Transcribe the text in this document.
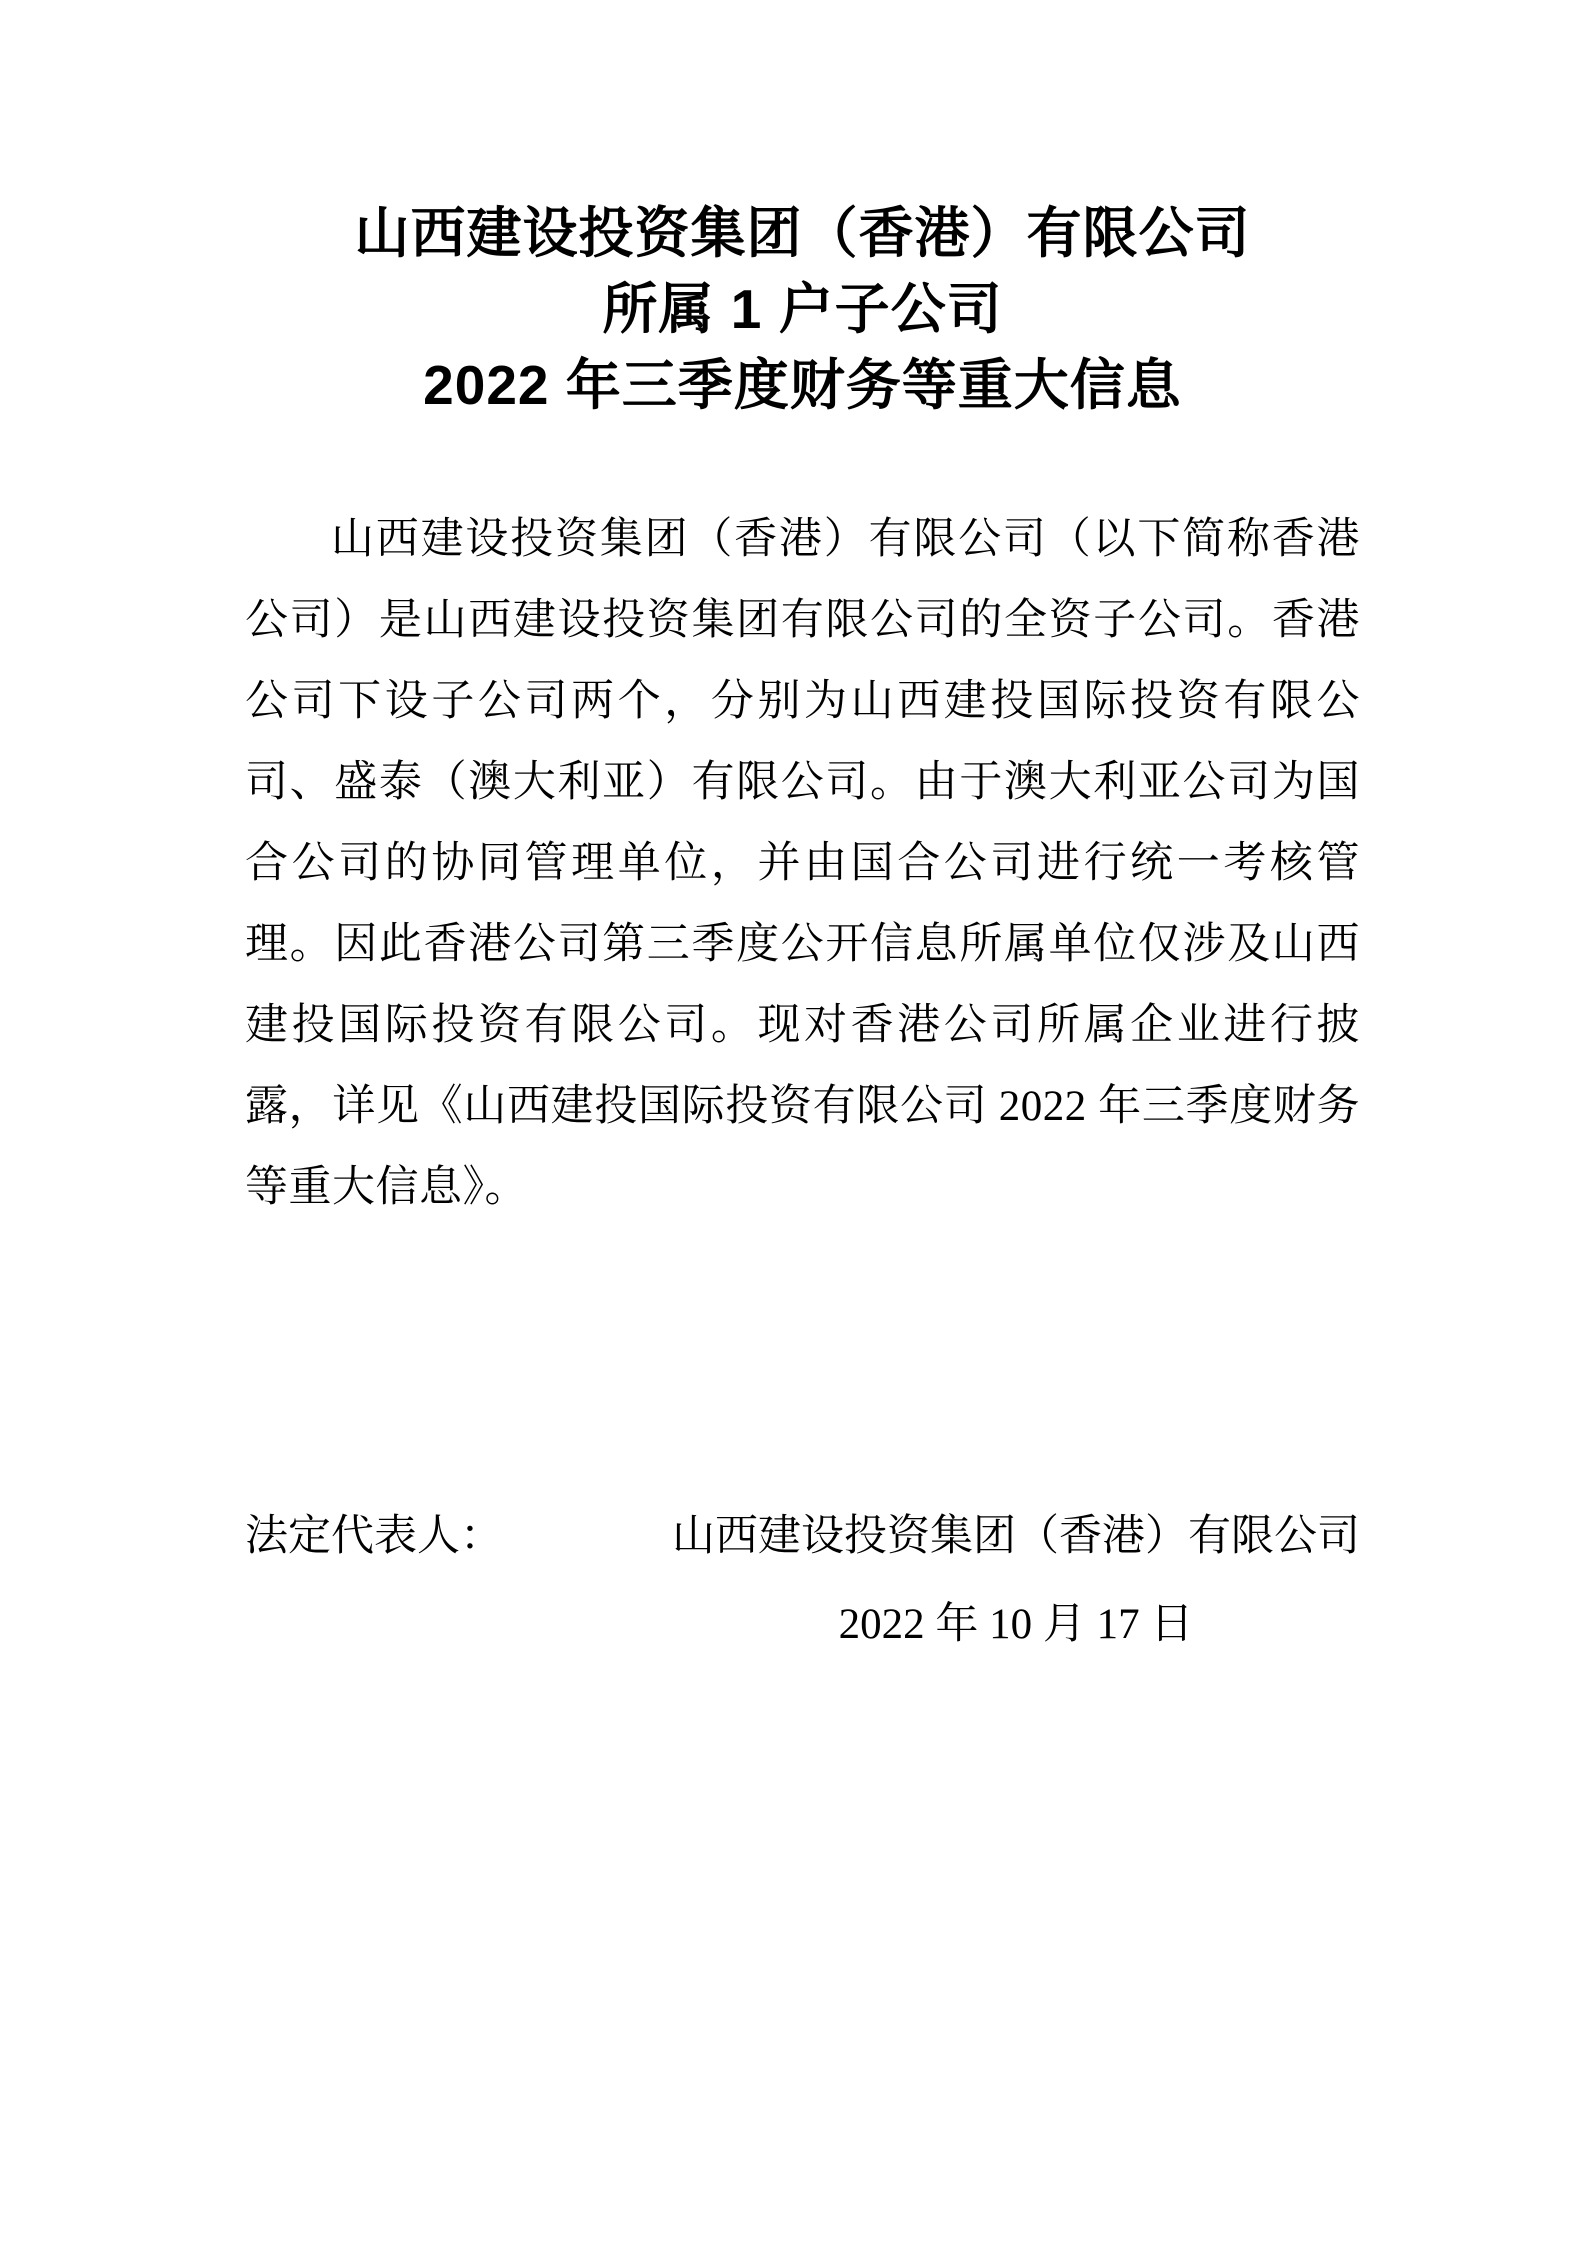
山西建设投资集团（香港）有限公司
所属 1 户子公司
2022 年三季度财务等重大信息

山西建设投资集团（香港）有限公司（以下简称香港公司）是山西建设投资集团有限公司的全资子公司。香港公司下设子公司两个，分别为山西建投国际投资有限公司、盛泰（澳大利亚）有限公司。由于澳大利亚公司为国合公司的协同管理单位，并由国合公司进行统一考核管理。因此香港公司第三季度公开信息所属单位仅涉及山西建投国际投资有限公司。现对香港公司所属企业进行披露，详见《山西建投国际投资有限公司 2022 年三季度财务等重大信息》。

法定代表人：	山西建设投资集团（香港）有限公司
2022 年 10 月 17 日
